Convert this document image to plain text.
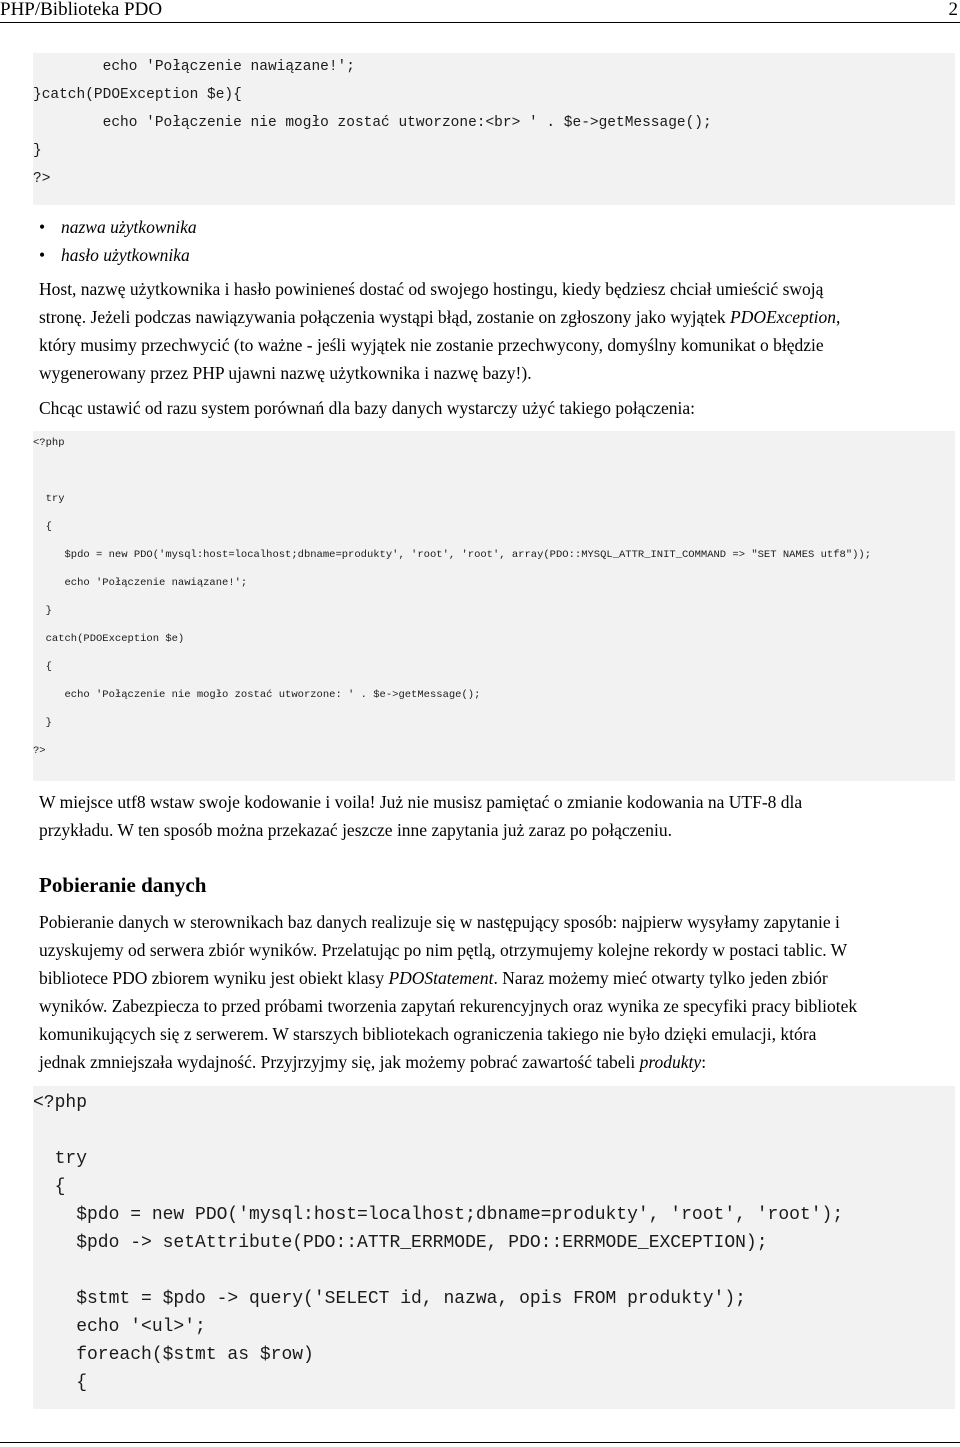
PHP/Biblioteka PDO	2

echo 'Połączenie nawiązane!';

}catch(PDOException $e){

echo 'Połączenie nie mogło zostać utworzone:<br> ' . $e->getMessage();

}

?>

• nazwa użytkownika
• hasło użytkownika
Host, nazwę użytkownika i hasło powinieneś dostać od swojego hostingu, kiedy będziesz chciał umieścić swoją
stronę. Jeżeli podczas nawiązywania połączenia wystąpi błąd, zostanie on zgłoszony jako wyjątek PDOException,
który musimy przechwycić (to ważne - jeśli wyjątek nie zostanie przechwycony, domyślny komunikat o błędzie
wygenerowany przez PHP ujawni nazwę użytkownika i nazwę bazy!).
Chcąc ustawić od razu system porównań dla bazy danych wystarczy użyć takiego połączenia:

<?php

try

{

$pdo = new PDO('mysql:host=localhost;dbname=produkty', 'root', 'root', array(PDO::MYSQL_ATTR_INIT_COMMAND => "SET NAMES utf8"));

echo 'Połączenie nawiązane!';

}

catch(PDOException $e)

{

echo 'Połączenie nie mogło zostać utworzone: ' . $e->getMessage();

}

?>

W miejsce utf8 wstaw swoje kodowanie i voila! Już nie musisz pamiętać o zmianie kodowania na UTF-8 dla
przykładu. W ten sposób można przekazać jeszcze inne zapytania już zaraz po połączeniu.
Pobieranie danych
Pobieranie danych w sterownikach baz danych realizuje się w następujący sposób: najpierw wysyłamy zapytanie i
uzyskujemy od serwera zbiór wyników. Przelatując po nim pętlą, otrzymujemy kolejne rekordy w postaci tablic. W
bibliotece PDO zbiorem wyniku jest obiekt klasy PDOStatement. Naraz możemy mieć otwarty tylko jeden zbiór
wyników. Zabezpiecza to przed próbami tworzenia zapytań rekurencyjnych oraz wynika ze specyfiki pracy bibliotek
komunikujących się z serwerem. W starszych bibliotekach ograniczenia takiego nie było dzięki emulacji, która
jednak zmniejszała wydajność. Przyjrzyjmy się, jak możemy pobrać zawartość tabeli produkty:

<?php

try

{

$pdo = new PDO('mysql:host=localhost;dbname=produkty', 'root', 'root');

$pdo -> setAttribute(PDO::ATTR_ERRMODE, PDO::ERRMODE_EXCEPTION);

$stmt = $pdo -> query('SELECT id, nazwa, opis FROM produkty');

echo '<ul>';

foreach($stmt as $row)

{
